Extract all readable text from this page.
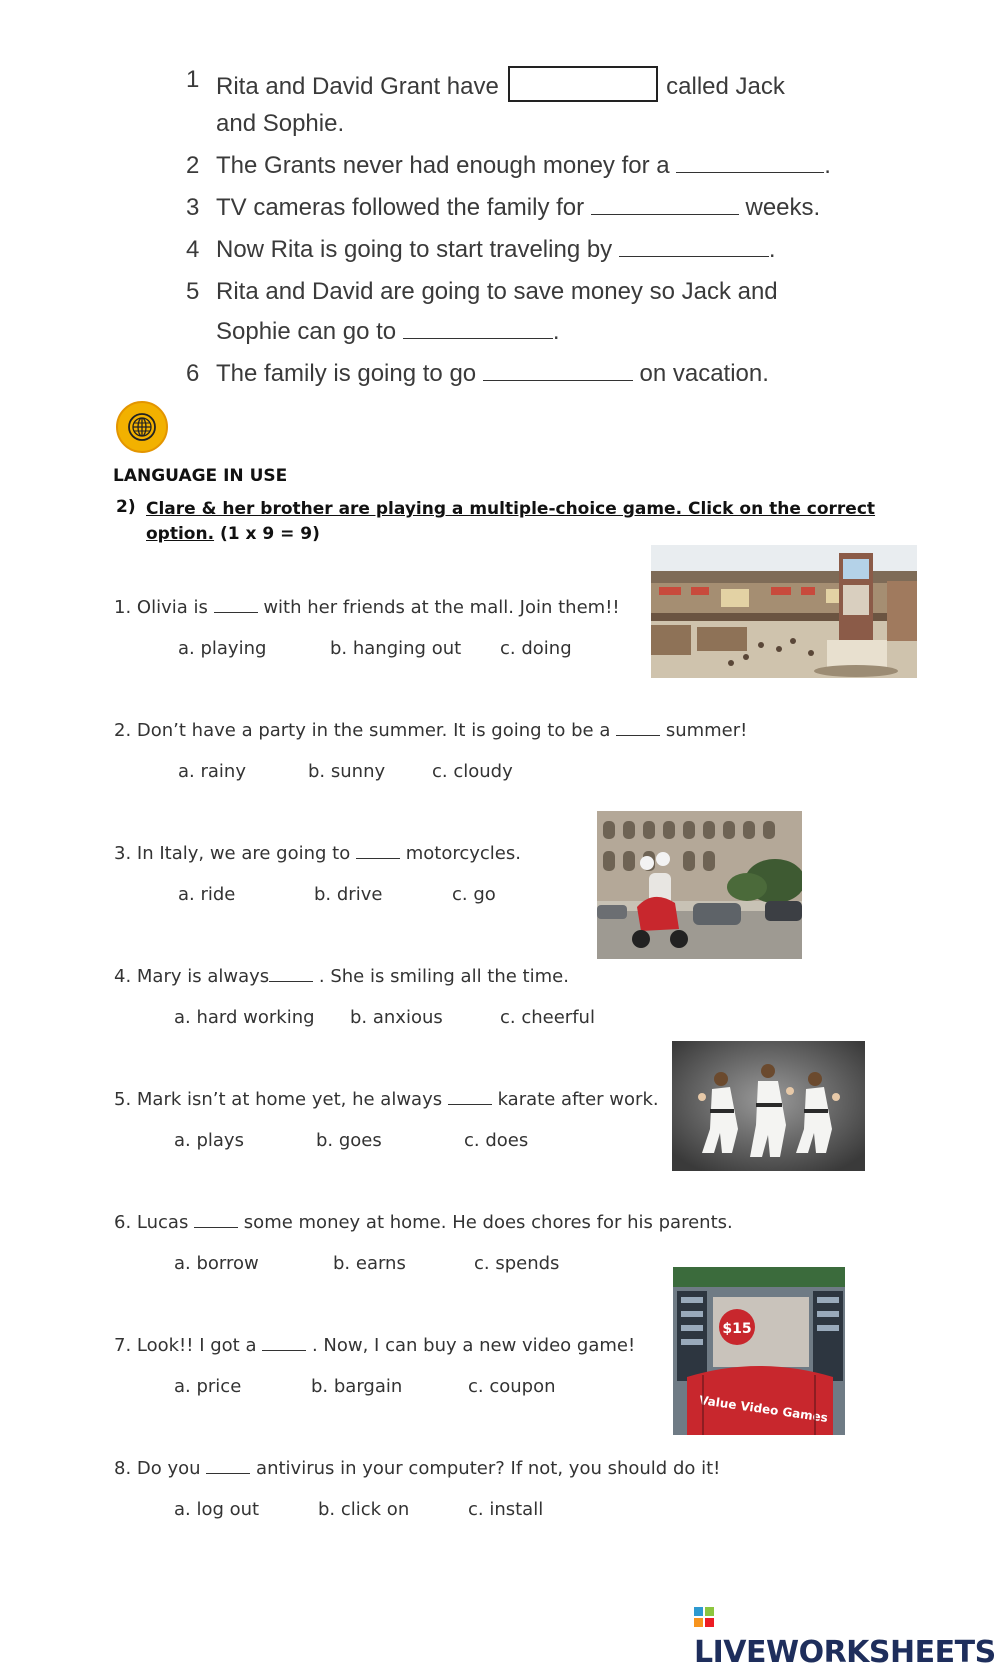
1 Rita and David Grant have	called Jack
and Sophie.
2 The Grants never had enough money for a	.
3 TV cameras followed the family for	weeks.
4 Now Rita is going to start traveling by	.
5 Rita and David are going to save money so Jack and
Sophie can go to	.
6 The family is going to go	on vacation.
LANGUAGE IN USE
2) Clare & her brother are playing a multiple-choice game. Click on the correct option. (1 x 9 = 9)
1. Olivia is	with her friends at the mall. Join them!!
a. playing	b. hanging out c. doing
2. Don’t have a party in the summer. It is going to be a	summer!
a. rainy	b. sunny	c. cloudy
3. In Italy, we are going to	motorcycles.
a. ride	b. drive	c. go
4. Mary is always	. She is smiling all the time.
a. hard working b. anxious	c. cheerful
5. Mark isn’t at home yet, he always	karate after work.
a. plays	b. goes	c. does
6. Lucas	some money at home. He does chores for his parents.
a. borrow	b. earns	c. spends
7. Look!! I got a	. Now, I can buy a new video game!
a. price	b. bargain	c. coupon
8. Do you	antivirus in your computer? If not, you should do it!
a. log out	b. click on	c. install
$15
Value Video Games
LIVEWORKSHEETS
